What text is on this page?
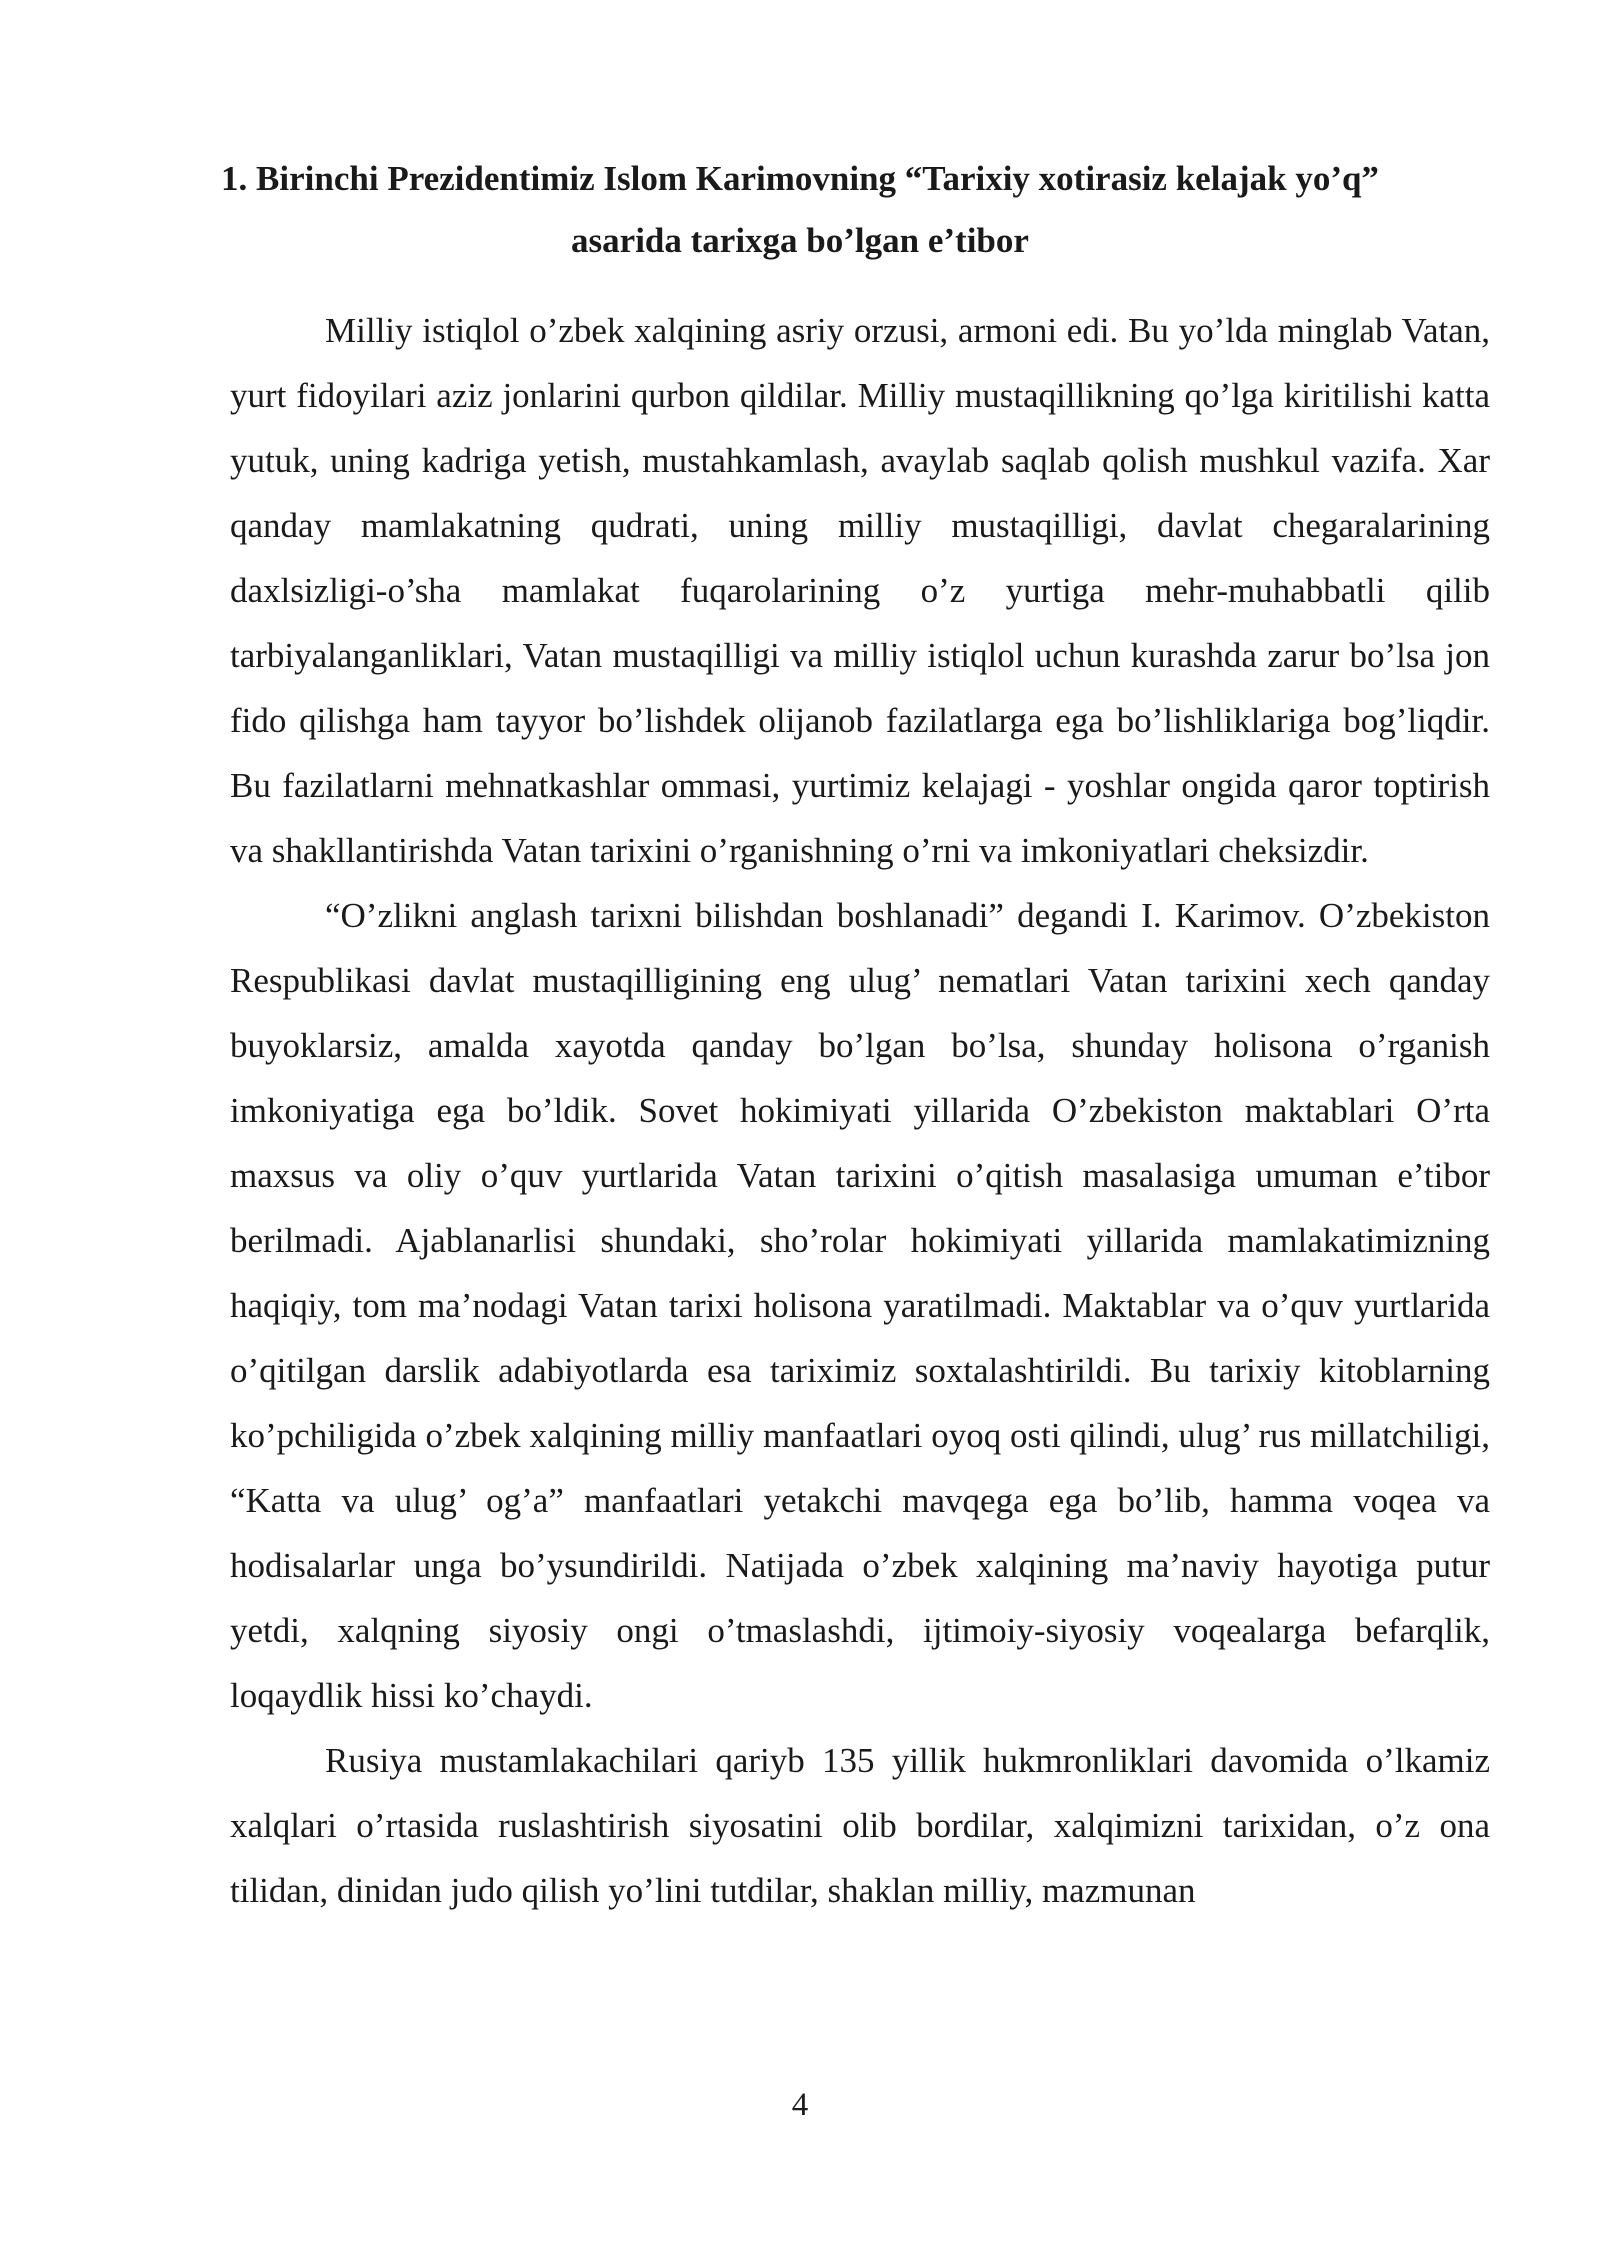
1. Birinchi Prezidentimiz Islom Karimovning “Tarixiy xotirasiz kelajak yo’q”
asarida tarixga bo’lgan e’tibor

Milliy istiqlol o’zbek xalqining asriy orzusi, armoni edi. Bu yo’lda minglab Vatan, yurt fidoyilari aziz jonlarini qurbon qildilar. Milliy mustaqillikning qo’lga kiritilishi katta yutuk, uning kadriga yetish, mustahkamlash, avaylab saqlab qolish mushkul vazifa. Xar qanday mamlakatning qudrati, uning milliy mustaqilligi, davlat chegaralarining daxlsizligi-o’sha mamlakat fuqarolarining o’z yurtiga mehr-muhabbatli qilib tarbiyalanganliklari, Vatan mustaqilligi va milliy istiqlol uchun kurashda zarur bo’lsa jon fido qilishga ham tayyor bo’lishdek olijanob fazilatlarga ega bo’lishliklariga bog’liqdir. Bu fazilatlarni mehnatkashlar ommasi, yurtimiz kelajagi - yoshlar ongida qaror toptirish va shakllantirishda Vatan tarixini o’rganishning o’rni va imkoniyatlari cheksizdir.

“O’zlikni anglash tarixni bilishdan boshlanadi” degandi I. Karimov. O’zbekiston Respublikasi davlat mustaqilligining eng ulug’ nematlari Vatan tarixini xech qanday buyoklarsiz, amalda xayotda qanday bo’lgan bo’lsa, shunday holisona o’rganish imkoniyatiga ega bo’ldik. Sovet hokimiyati yillarida O’zbekiston maktablari O’rta maxsus va oliy o’quv yurtlarida Vatan tarixini o’qitish masalasiga umuman e’tibor berilmadi. Ajablanarlisi shundaki, sho’rolar hokimiyati yillarida mamlakatimizning haqiqiy, tom ma’nodagi Vatan tarixi holisona yaratilmadi. Maktablar va o’quv yurtlarida o’qitilgan darslik adabiyotlarda esa tariximiz soxtalashtirildi. Bu tarixiy kitoblarning ko’pchiligida o’zbek xalqining milliy manfaatlari oyoq osti qilindi, ulug’ rus millatchiligi, “Katta va ulug’ og’a” manfaatlari yetakchi mavqega ega bo’lib, hamma voqea va hodisalarlar unga bo’ysundirildi. Natijada o’zbek xalqining ma’naviy hayotiga putur yetdi, xalqning siyosiy ongi o’tmaslashdi, ijtimoiy-siyosiy voqealarga befarqlik, loqaydlik hissi ko’chaydi.

Rusiya mustamlakachilari qariyb 135 yillik hukmronliklari davomida o’lkamiz xalqlari o’rtasida ruslashtirish siyosatini olib bordilar, xalqimizni tarixidan, o’z ona tilidan, dinidan judo qilish yo’lini tutdilar, shaklan milliy, mazmunan

4
